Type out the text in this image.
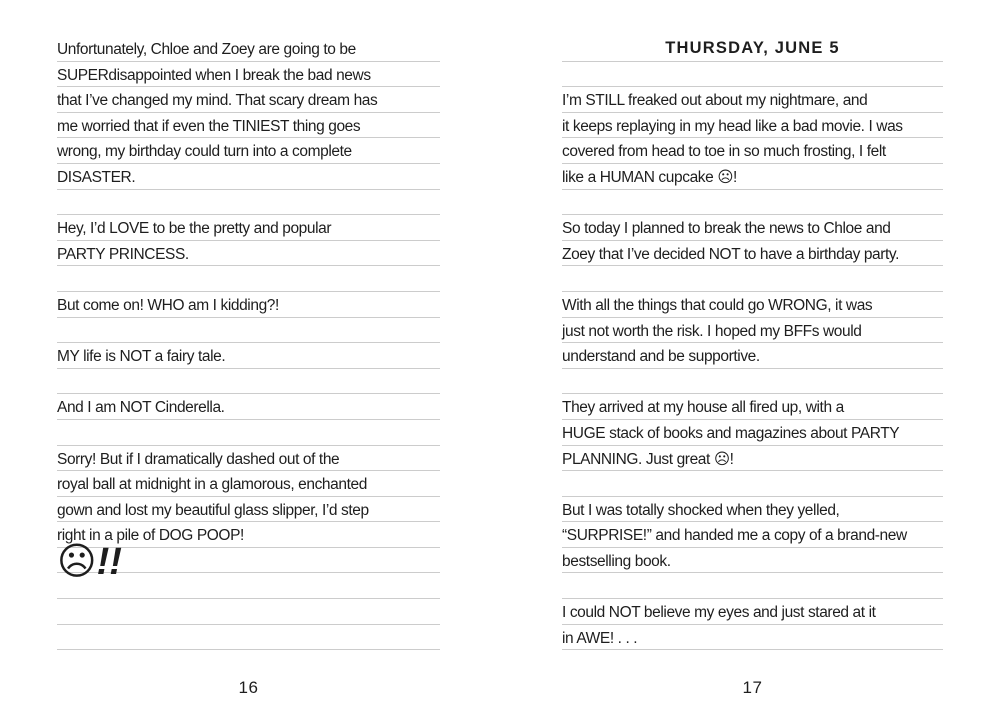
Unfortunately, Chloe and Zoey are going to be
SUPERdisappointed when I break the bad news
that I’ve changed my mind. That scary dream has
me worried that if even the TINIEST thing goes
wrong, my birthday could turn into a complete
DISASTER.
Hey, I’d LOVE to be the pretty and popular
PARTY PRINCESS.
But come on! WHO am I kidding?!
MY life is NOT a fairy tale.
And I am NOT Cinderella.
Sorry! But if I dramatically dashed out of the
royal ball at midnight in a glamorous, enchanted
gown and lost my beautiful glass slipper, I’d step
right in a pile of DOG POOP!
☹!!
THURSDAY, JUNE 5
I’m STILL freaked out about my nightmare, and
it keeps replaying in my head like a bad movie. I was
covered from head to toe in so much frosting, I felt
like a HUMAN cupcake ☹!
So today I planned to break the news to Chloe and
Zoey that I’ve decided NOT to have a birthday party.
With all the things that could go WRONG, it was
just not worth the risk. I hoped my BFFs would
understand and be supportive.
They arrived at my house all fired up, with a
HUGE stack of books and magazines about PARTY
PLANNING. Just great ☹!
But I was totally shocked when they yelled,
“SURPRISE!” and handed me a copy of a brand-new
bestselling book.
I could NOT believe my eyes and just stared at it
in AWE! . . .
16	17
